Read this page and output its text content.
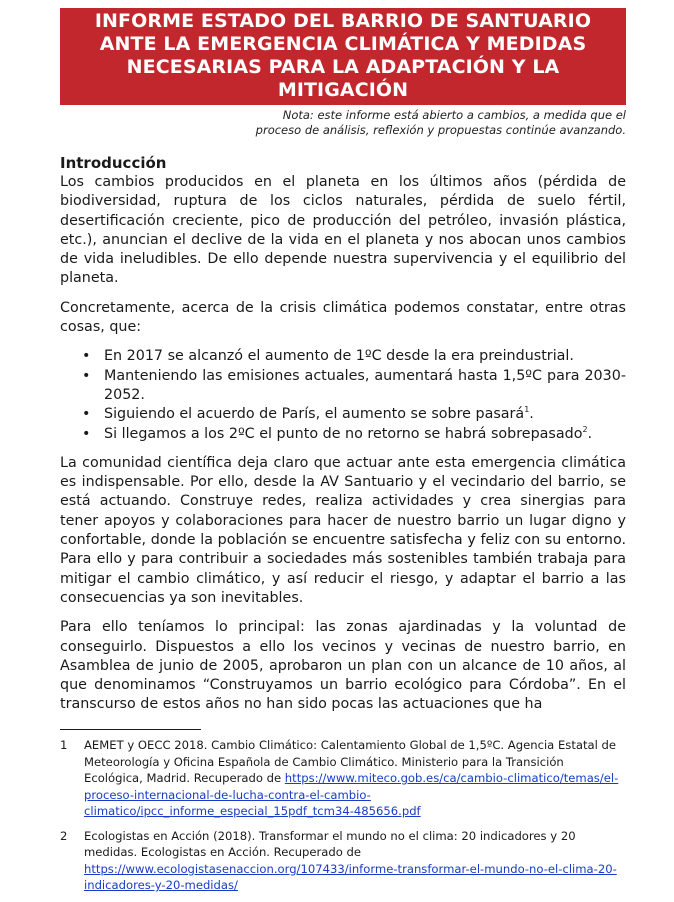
INFORME ESTADO DEL BARRIO DE SANTUARIO
ANTE LA EMERGENCIA CLIMÁTICA Y MEDIDAS
NECESARIAS PARA LA ADAPTACIÓN Y LA
MITIGACIÓN
Nota: este informe está abierto a cambios, a medida que el
proceso de análisis, reflexión y propuestas continúe avanzando.
Introducción

Los cambios producidos en el planeta en los últimos años (pérdida de biodiversidad, ruptura de los ciclos naturales, pérdida de suelo fértil, desertificación creciente, pico de producción del petróleo, invasión plástica, etc.), anuncian el declive de la vida en el planeta y nos abocan unos cambios de vida ineludibles. De ello depende nuestra supervivencia y el equilibrio del planeta.

Concretamente, acerca de la crisis climática podemos constatar, entre otras cosas, que:

• En 2017 se alcanzó el aumento de 1ºC desde la era preindustrial.
• Manteniendo las emisiones actuales, aumentará hasta 1,5ºC para 2030-2052.
• Siguiendo el acuerdo de París, el aumento se sobre pasará$^1$.
• Si llegamos a los 2ºC el punto de no retorno se habrá sobrepasado$^2$.

La comunidad científica deja claro que actuar ante esta emergencia climática es indispensable. Por ello, desde la AV Santuario y el vecindario del barrio, se está actuando. Construye redes, realiza actividades y crea sinergias para tener apoyos y colaboraciones para hacer de nuestro barrio un lugar digno y confortable, donde la población se encuentre satisfecha y feliz con su entorno. Para ello y para contribuir a sociedades más sostenibles también trabaja para mitigar el cambio climático, y así reducir el riesgo, y adaptar el barrio a las consecuencias ya son inevitables.

Para ello teníamos lo principal: las zonas ajardinadas y la voluntad de conseguirlo. Dispuestos a ello los vecinos y vecinas de nuestro barrio, en Asamblea de junio de 2005, aprobaron un plan con un alcance de 10 años, al que denominamos “Construyamos un barrio ecológico para Córdoba”. En el transcurso de estos años no han sido pocas las actuaciones que ha

1 AEMET y OECC 2018. Cambio Climático: Calentamiento Global de 1,5ºC. Agencia Estatal de Meteorología y Oficina Española de Cambio Climático. Ministerio para la Transición Ecológica, Madrid. Recuperado de https://www.miteco.gob.es/ca/cambio-climatico/temas/el-proceso-internacional-de-lucha-contra-el-cambio-climatico/ipcc_informe_especial_15pdf_tcm34-485656.pdf
2 Ecologistas en Acción (2018). Transformar el mundo no el clima: 20 indicadores y 20 medidas. Ecologistas en Acción. Recuperado de https://www.ecologistasenaccion.org/107433/informe-transformar-el-mundo-no-el-clima-20-indicadores-y-20-medidas/
